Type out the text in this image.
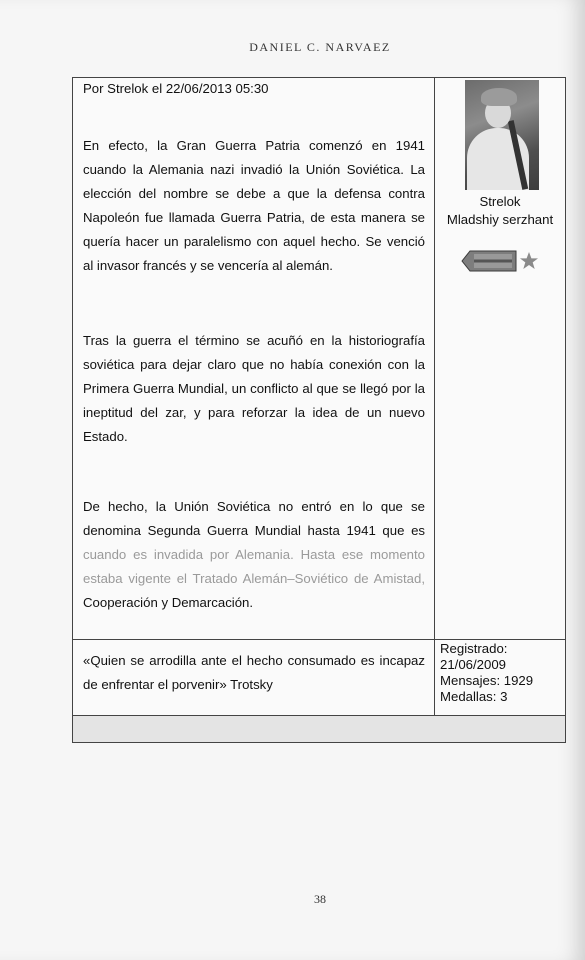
DANIEL C. NARVAEZ
Por Strelok el 22/06/2013 05:30

En efecto, la Gran Guerra Patria comenzó en 1941 cuando la Alemania nazi invadió la Unión Soviética. La elección del nombre se debe a que la defensa contra Napoleón fue llamada Guerra Patria, de esta manera se quería hacer un paralelismo con aquel hecho. Se venció al invasor francés y se vencería al alemán.

Tras la guerra el término se acuñó en la historiografía soviética para dejar claro que no había conexión con la Primera Guerra Mundial, un conflicto al que se llegó por la ineptitud del zar, y para reforzar la idea de un nuevo Estado.

De hecho, la Unión Soviética no entró en lo que se denomina Segunda Guerra Mundial hasta 1941 que es cuando es invadida por Alemania. Hasta ese momento estaba vigente el Tratado Alemán–Soviético de Amistad, Cooperación y Demarcación.

«Quien se arrodilla ante el hecho consumado es incapaz de enfrentar el porvenir» Trotsky

Strelok
Mladshiy serzhant
Registrado:
21/06/2009
Mensajes: 1929
Medallas: 3
38
